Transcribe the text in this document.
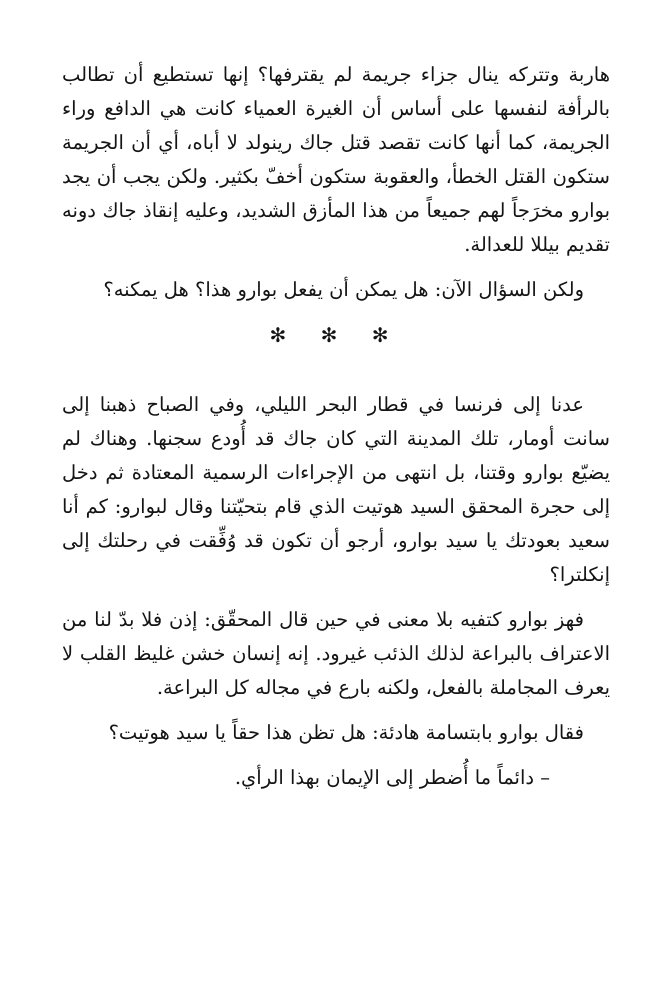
هاربة وتتركه ينال جزاء جريمة لم يقترفها؟ إنها تستطيع أن تطالب بالرأفة لنفسها على أساس أن الغيرة العمياء كانت هي الدافع وراء الجريمة، كما أنها كانت تقصد قتل جاك رينولد لا أباه، أي أن الجريمة ستكون القتل الخطأ، والعقوبة ستكون أخفّ بكثير. ولكن يجب أن يجد بوارو مخرَجاً لهم جميعاً من هذا المأزق الشديد، وعليه إنقاذ جاك دونه تقديم بيللا للعدالة.

ولكن السؤال الآن: هل يمكن أن يفعل بوارو هذا؟ هل يمكنه؟

✻ ✻ ✻

عدنا إلى فرنسا في قطار البحر الليلي، وفي الصباح ذهبنا إلى سانت أومار، تلك المدينة التي كان جاك قد أُودع سجنها. وهناك لم يضيّع بوارو وقتنا، بل انتهى من الإجراءات الرسمية المعتادة ثم دخل إلى حجرة المحقق السيد هوتيت الذي قام بتحيّتنا وقال لبوارو: كم أنا سعيد بعودتك يا سيد بوارو، أرجو أن تكون قد وُفِّقت في رحلتك إلى إنكلترا؟

فهز بوارو كتفيه بلا معنى في حين قال المحقّق: إذن فلا بدّ لنا من الاعتراف بالبراعة لذلك الذئب غيرود. إنه إنسان خشن غليظ القلب لا يعرف المجاملة بالفعل، ولكنه بارع في مجاله كل البراعة.

فقال بوارو بابتسامة هادئة: هل تظن هذا حقاً يا سيد هوتيت؟

– دائماً ما أُضطر إلى الإيمان بهذا الرأي.
